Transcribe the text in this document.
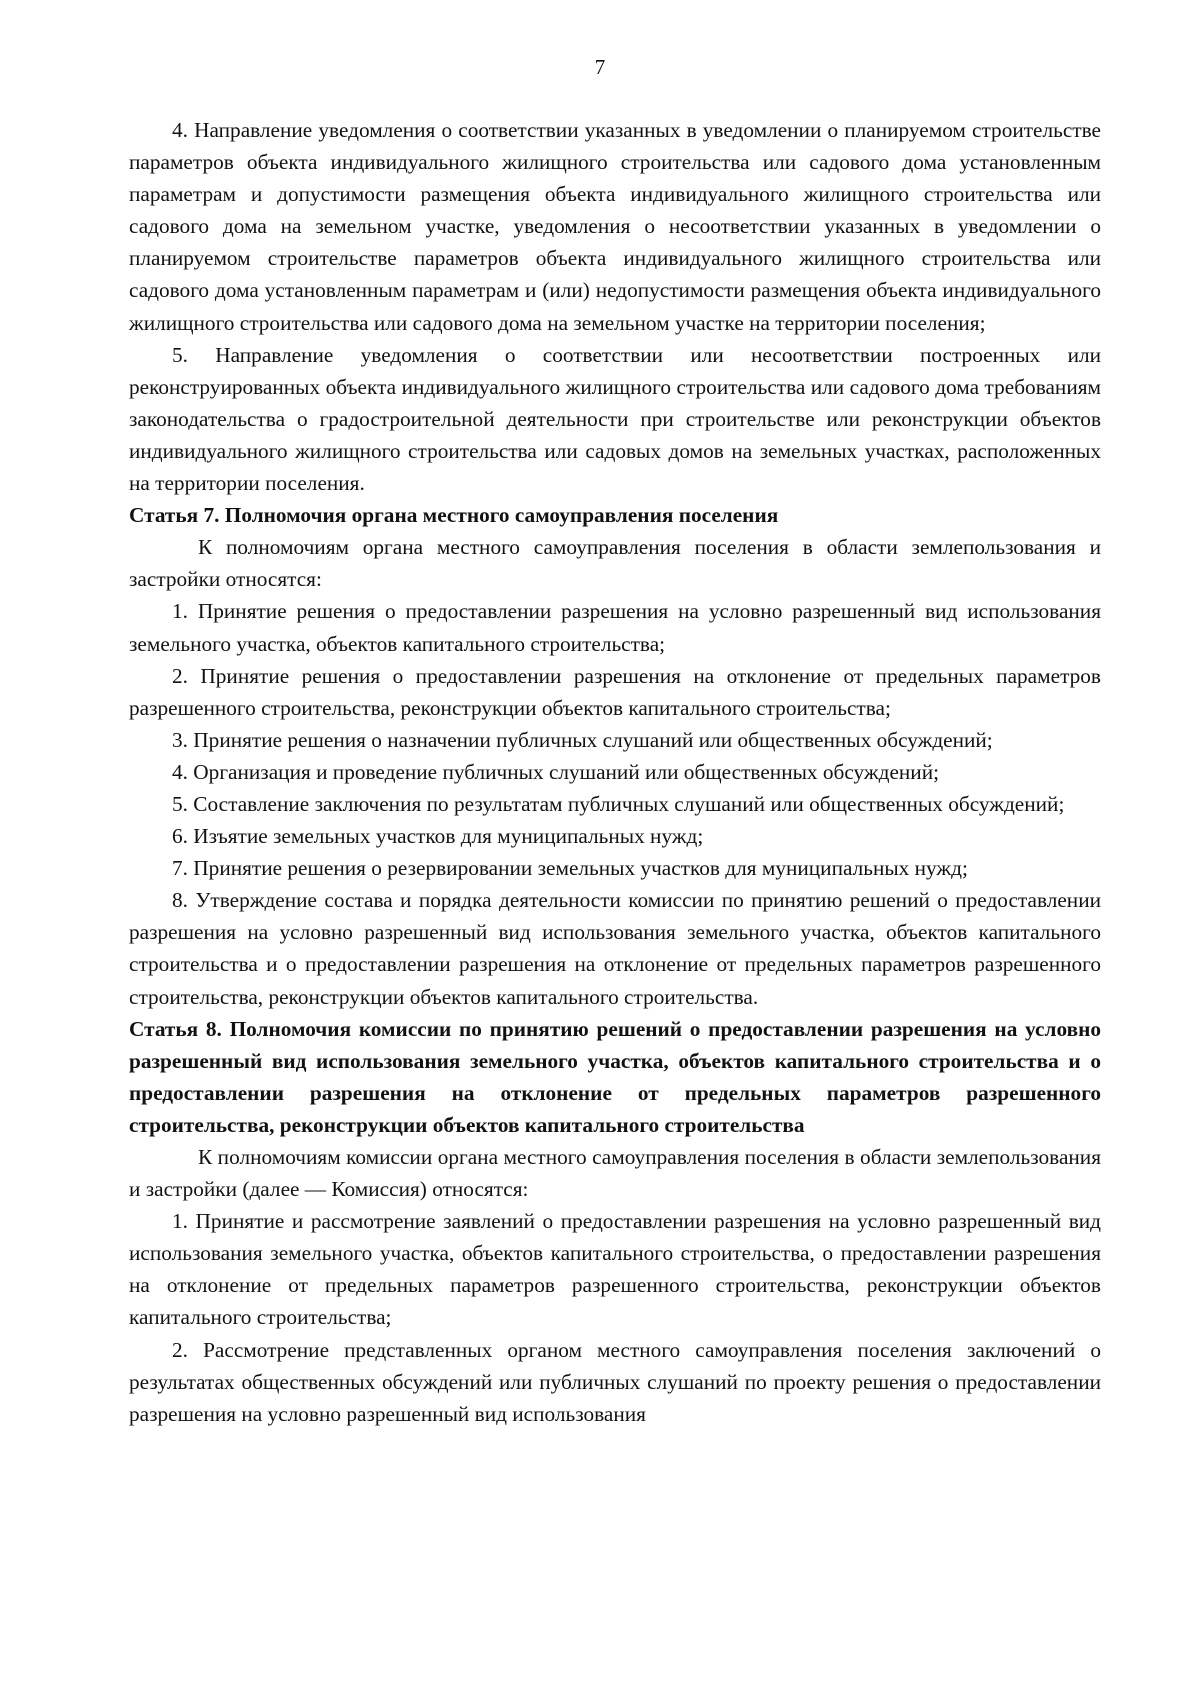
7

4. Направление уведомления о соответствии указанных в уведомлении о планируемом строительстве параметров объекта индивидуального жилищного строительства или садового дома установленным параметрам и допустимости размещения объекта индивидуального жилищного строительства или садового дома на земельном участке, уведомления о несоответствии указанных в уведомлении о планируемом строительстве параметров объекта индивидуального жилищного строительства или садового дома установленным параметрам и (или) недопустимости размещения объекта индивидуального жилищного строительства или садового дома на земельном участке на территории поселения;

5. Направление уведомления о соответствии или несоответствии построенных или реконструированных объекта индивидуального жилищного строительства или садового дома требованиям законодательства о градостроительной деятельности при строительстве или реконструкции объектов индивидуального жилищного строительства или садовых домов на земельных участках, расположенных на территории поселения.

Статья 7. Полномочия органа местного самоуправления поселения

К полномочиям органа местного самоуправления поселения в области землепользования и застройки относятся:

1. Принятие решения о предоставлении разрешения на условно разрешенный вид использования земельного участка, объектов капитального строительства;

2. Принятие решения о предоставлении разрешения на отклонение от предельных параметров разрешенного строительства, реконструкции объектов капитального строительства;

3. Принятие решения о назначении публичных слушаний или общественных обсуждений;

4. Организация и проведение публичных слушаний или общественных обсуждений;

5. Составление заключения по результатам публичных слушаний или общественных обсуждений;

6. Изъятие земельных участков для муниципальных нужд;

7. Принятие решения о резервировании земельных участков для муниципальных нужд;

8. Утверждение состава и порядка деятельности комиссии по принятию решений о предоставлении разрешения на условно разрешенный вид использования земельного участка, объектов капитального строительства и о предоставлении разрешения на отклонение от предельных параметров разрешенного строительства, реконструкции объектов капитального строительства.

Статья 8. Полномочия комиссии по принятию решений о предоставлении разрешения на условно разрешенный вид использования земельного участка, объектов капитального строительства и о предоставлении разрешения на отклонение от предельных параметров разрешенного строительства, реконструкции объектов капитального строительства

К полномочиям комиссии органа местного самоуправления поселения в области землепользования и застройки (далее — Комиссия) относятся:

1. Принятие и рассмотрение заявлений о предоставлении разрешения на условно разрешенный вид использования земельного участка, объектов капитального строительства, о предоставлении разрешения на отклонение от предельных параметров разрешенного строительства, реконструкции объектов капитального строительства;

2. Рассмотрение представленных органом местного самоуправления поселения заключений о результатах общественных обсуждений или публичных слушаний по проекту решения о предоставлении разрешения на условно разрешенный вид использования
